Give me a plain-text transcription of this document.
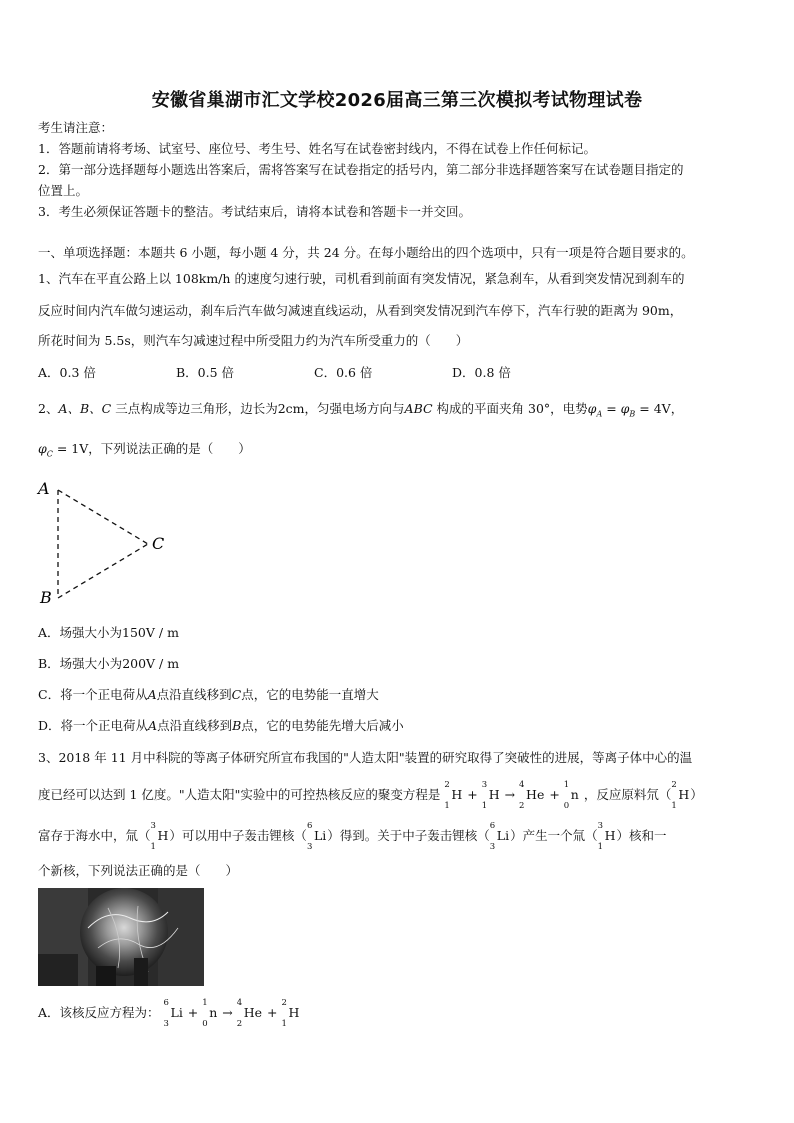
安徽省巢湖市汇文学校2026届高三第三次模拟考试物理试卷
考生请注意：
1．答题前请将考场、试室号、座位号、考生号、姓名写在试卷密封线内，不得在试卷上作任何标记。
2．第一部分选择题每小题选出答案后，需将答案写在试卷指定的括号内，第二部分非选择题答案写在试卷题目指定的
位置上。
3．考生必须保证答题卡的整洁。考试结束后，请将本试卷和答题卡一并交回。
一、单项选择题：本题共 6 小题，每小题 4 分，共 24 分。在每小题给出的四个选项中，只有一项是符合题目要求的。
1、汽车在平直公路上以 108km/h 的速度匀速行驶，司机看到前面有突发情况，紧急刹车，从看到突发情况到刹车的
反应时间内汽车做匀速运动，刹车后汽车做匀减速直线运动，从看到突发情况到汽车停下，汽车行驶的距离为 90m，
所花时间为 5.5s，则汽车匀减速过程中所受阻力约为汽车所受重力的（　　）
A．0.3 倍	B．0.5 倍	C．0.6 倍	D．0.8 倍
2、A、B、C 三点构成等边三角形，边长为2cm，匀强电场方向与ABC 构成的平面夹角 30°，电势$\varphi_A = \varphi_B = 4V$，
$\varphi_C = 1V$，下列说法正确的是（　　）
A
B
C
A．场强大小为150V / m
B．场强大小为200V / m
C．将一个正电荷从A点沿直线移到C点，它的电势能一直增大
D．将一个正电荷从A点沿直线移到B点，它的电势能先增大后减小
3、2018 年 11 月中科院的等离子体研究所宣布我国的"人造太阳"装置的研究取得了突破性的进展，等离子体中心的温
度已经可以达到 1 亿度。"人造太阳"实验中的可控热核反应的聚变方程是
2
1
H +
3
1
H →
4
2
He +
1
0
n ，反应原料氘（
2
1
H）
富存于海水中，氚（
3
1
H）可以用中子轰击锂核（
6
3
Li）得到。关于中子轰击锂核（
6
3
Li）产生一个氚（
3
1
H）核和一
个新核，下列说法正确的是（　　）
A．该核反应方程为：
6
3
Li +
1
0
n →
4
2
He +
2
1
H
